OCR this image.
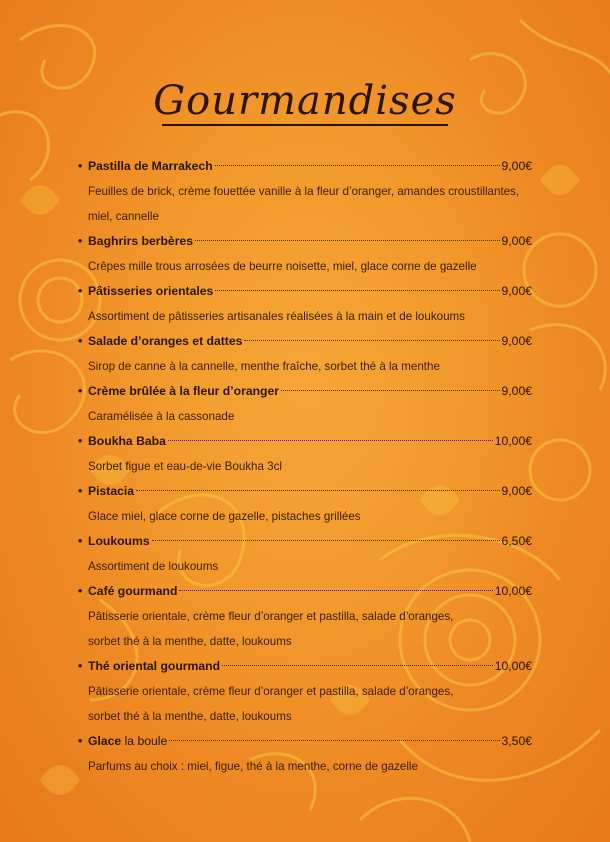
Gourmandises
• Pastilla de Marrakech	9,00€
Feuilles de brick, crème fouettée vanille à la fleur d’oranger, amandes croustillantes,
miel, cannelle
• Baghrirs berbères	9,00€
Crêpes mille trous arrosées de beurre noisette, miel, glace corne de gazelle
• Pâtisseries orientales	9,00€
Assortiment de pâtisseries artisanales réalisées à la main et de loukoums
• Salade d’oranges et dattes	9,00€
Sirop de canne à la cannelle, menthe fraîche, sorbet thé à la menthe
• Crème brûlée à la fleur d’oranger	9,00€
Caramélisée à la cassonade
• Boukha Baba	10,00€
Sorbet figue et eau-de-vie Boukha 3cl
• Pistacia	9,00€
Glace miel, glace corne de gazelle, pistaches grillées
• Loukoums	6,50€
Assortiment de loukoums
• Café gourmand	10,00€
Pâtisserie orientale, crème fleur d’oranger et pastilla, salade d’oranges,
sorbet thé à la menthe, datte, loukoums
• Thé oriental gourmand	10,00€
Pâtisserie orientale, crème fleur d’oranger et pastilla, salade d’oranges,
sorbet thé à la menthe, datte, loukoums
• Glace la boule	3,50€
Parfums au choix : miel, figue, thé à la menthe, corne de gazelle
